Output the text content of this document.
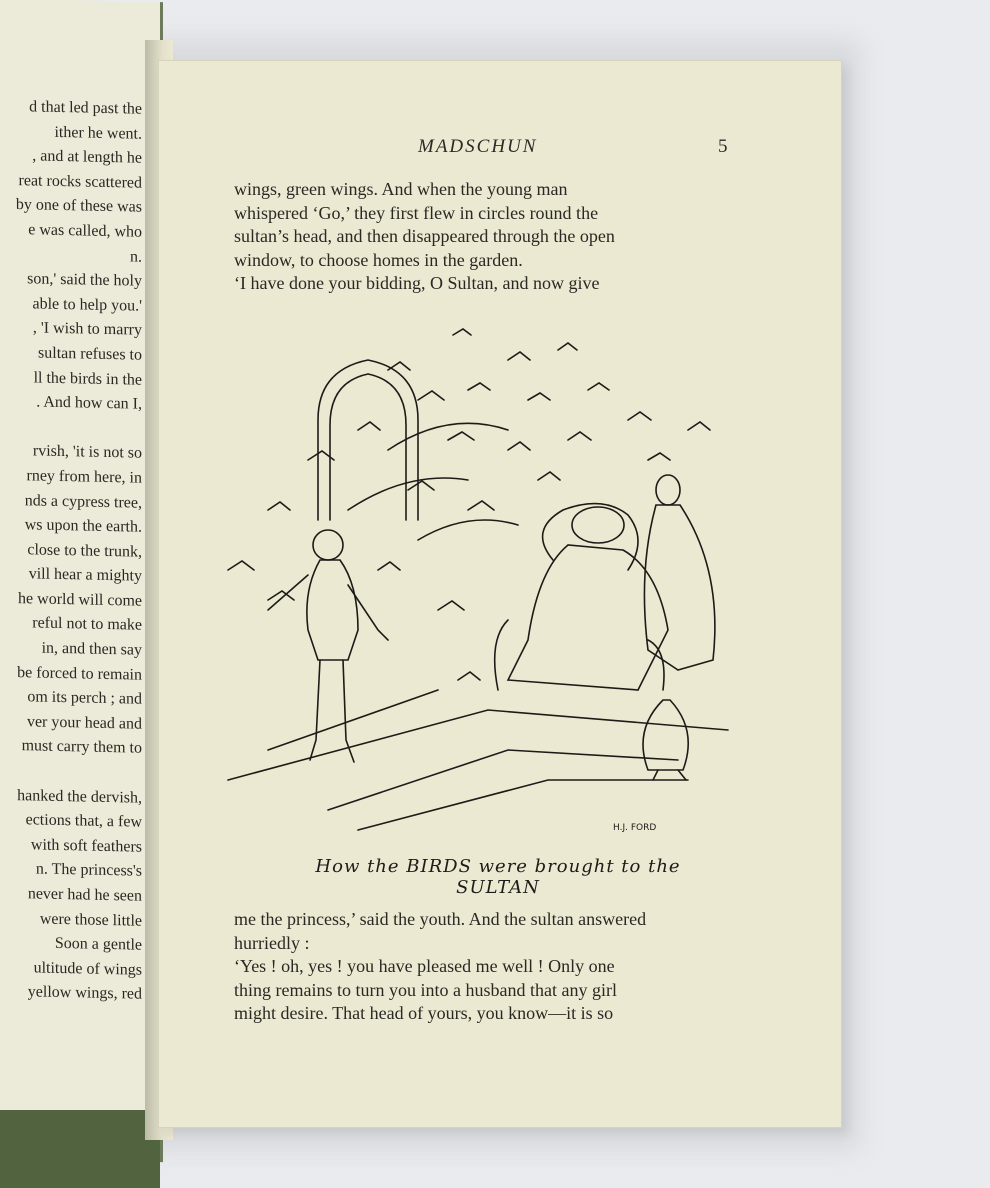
d that led past the
ither he went.
, and at length he
reat rocks scattered
by one of these was
e was called, who
n.
son,' said the holy
able to help you.'
, 'I wish to marry
sultan refuses to
ll the birds in the
. And how can I,

rvish, 'it is not so
rney from here, in
nds a cypress tree,
ws upon the earth.
close to the trunk,
vill hear a mighty
he world will come
reful not to make
in, and then say
be forced to remain
om its perch ; and
ver your head and
must carry them to

hanked the dervish,
ections that, a few
with soft feathers
n. The princess's
never had he seen
were those little
Soon a gentle
ultitude of wings
yellow wings, red
MADSCHUN	5
wings, green wings. And when the young man
whispered ‘Go,’ they first flew in circles round the
sultan’s head, and then disappeared through the open
window, to choose homes in the garden.
‘I have done your bidding, O Sultan, and now give
H.J. FORD
How the BIRDS were brought to the SULTAN
me the princess,’ said the youth. And the sultan answered
hurriedly :
‘Yes ! oh, yes ! you have pleased me well ! Only one
thing remains to turn you into a husband that any girl
might desire. That head of yours, you know—it is so
